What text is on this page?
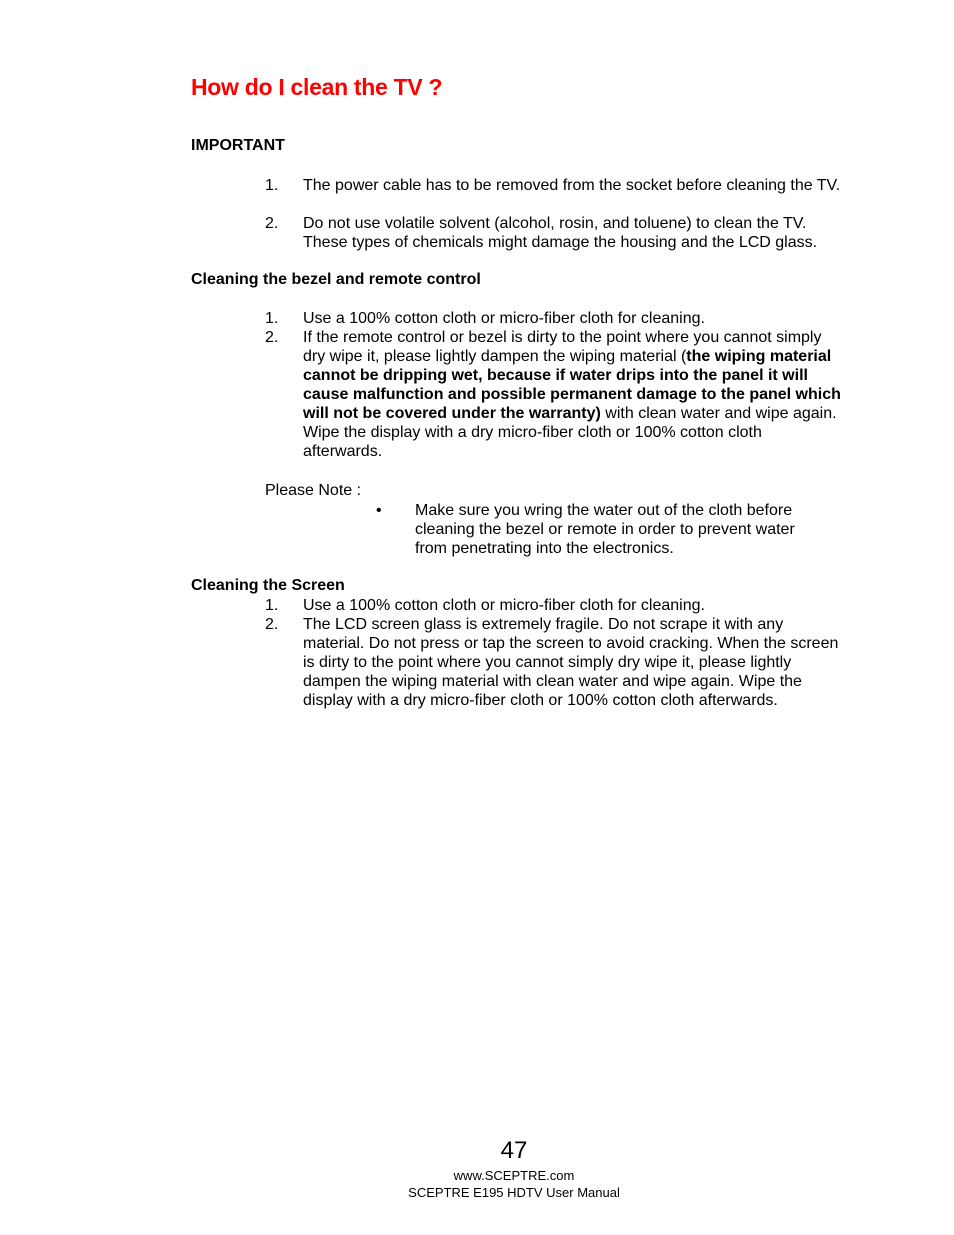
How do I clean the TV ?
IMPORTANT
1. The power cable has to be removed from the socket before cleaning the TV.
2. Do not use volatile solvent (alcohol, rosin, and toluene) to clean the TV. These types of chemicals might damage the housing and the LCD glass.
Cleaning the bezel and remote control
1. Use a 100% cotton cloth or micro-fiber cloth for cleaning.
2. If the remote control or bezel is dirty to the point where you cannot simply dry wipe it, please lightly dampen the wiping material (the wiping material cannot be dripping wet, because if water drips into the panel it will cause malfunction and possible permanent damage to the panel which will not be covered under the warranty) with clean water and wipe again. Wipe the display with a dry micro-fiber cloth or 100% cotton cloth afterwards.
Please Note :
• Make sure you wring the water out of the cloth before cleaning the bezel or remote in order to prevent water from penetrating into the electronics.
Cleaning the Screen
1. Use a 100% cotton cloth or micro-fiber cloth for cleaning.
2. The LCD screen glass is extremely fragile. Do not scrape it with any material. Do not press or tap the screen to avoid cracking. When the screen is dirty to the point where you cannot simply dry wipe it, please lightly dampen the wiping material with clean water and wipe again. Wipe the display with a dry micro-fiber cloth or 100% cotton cloth afterwards.
47
www.SCEPTRE.com
SCEPTRE E195 HDTV User Manual
